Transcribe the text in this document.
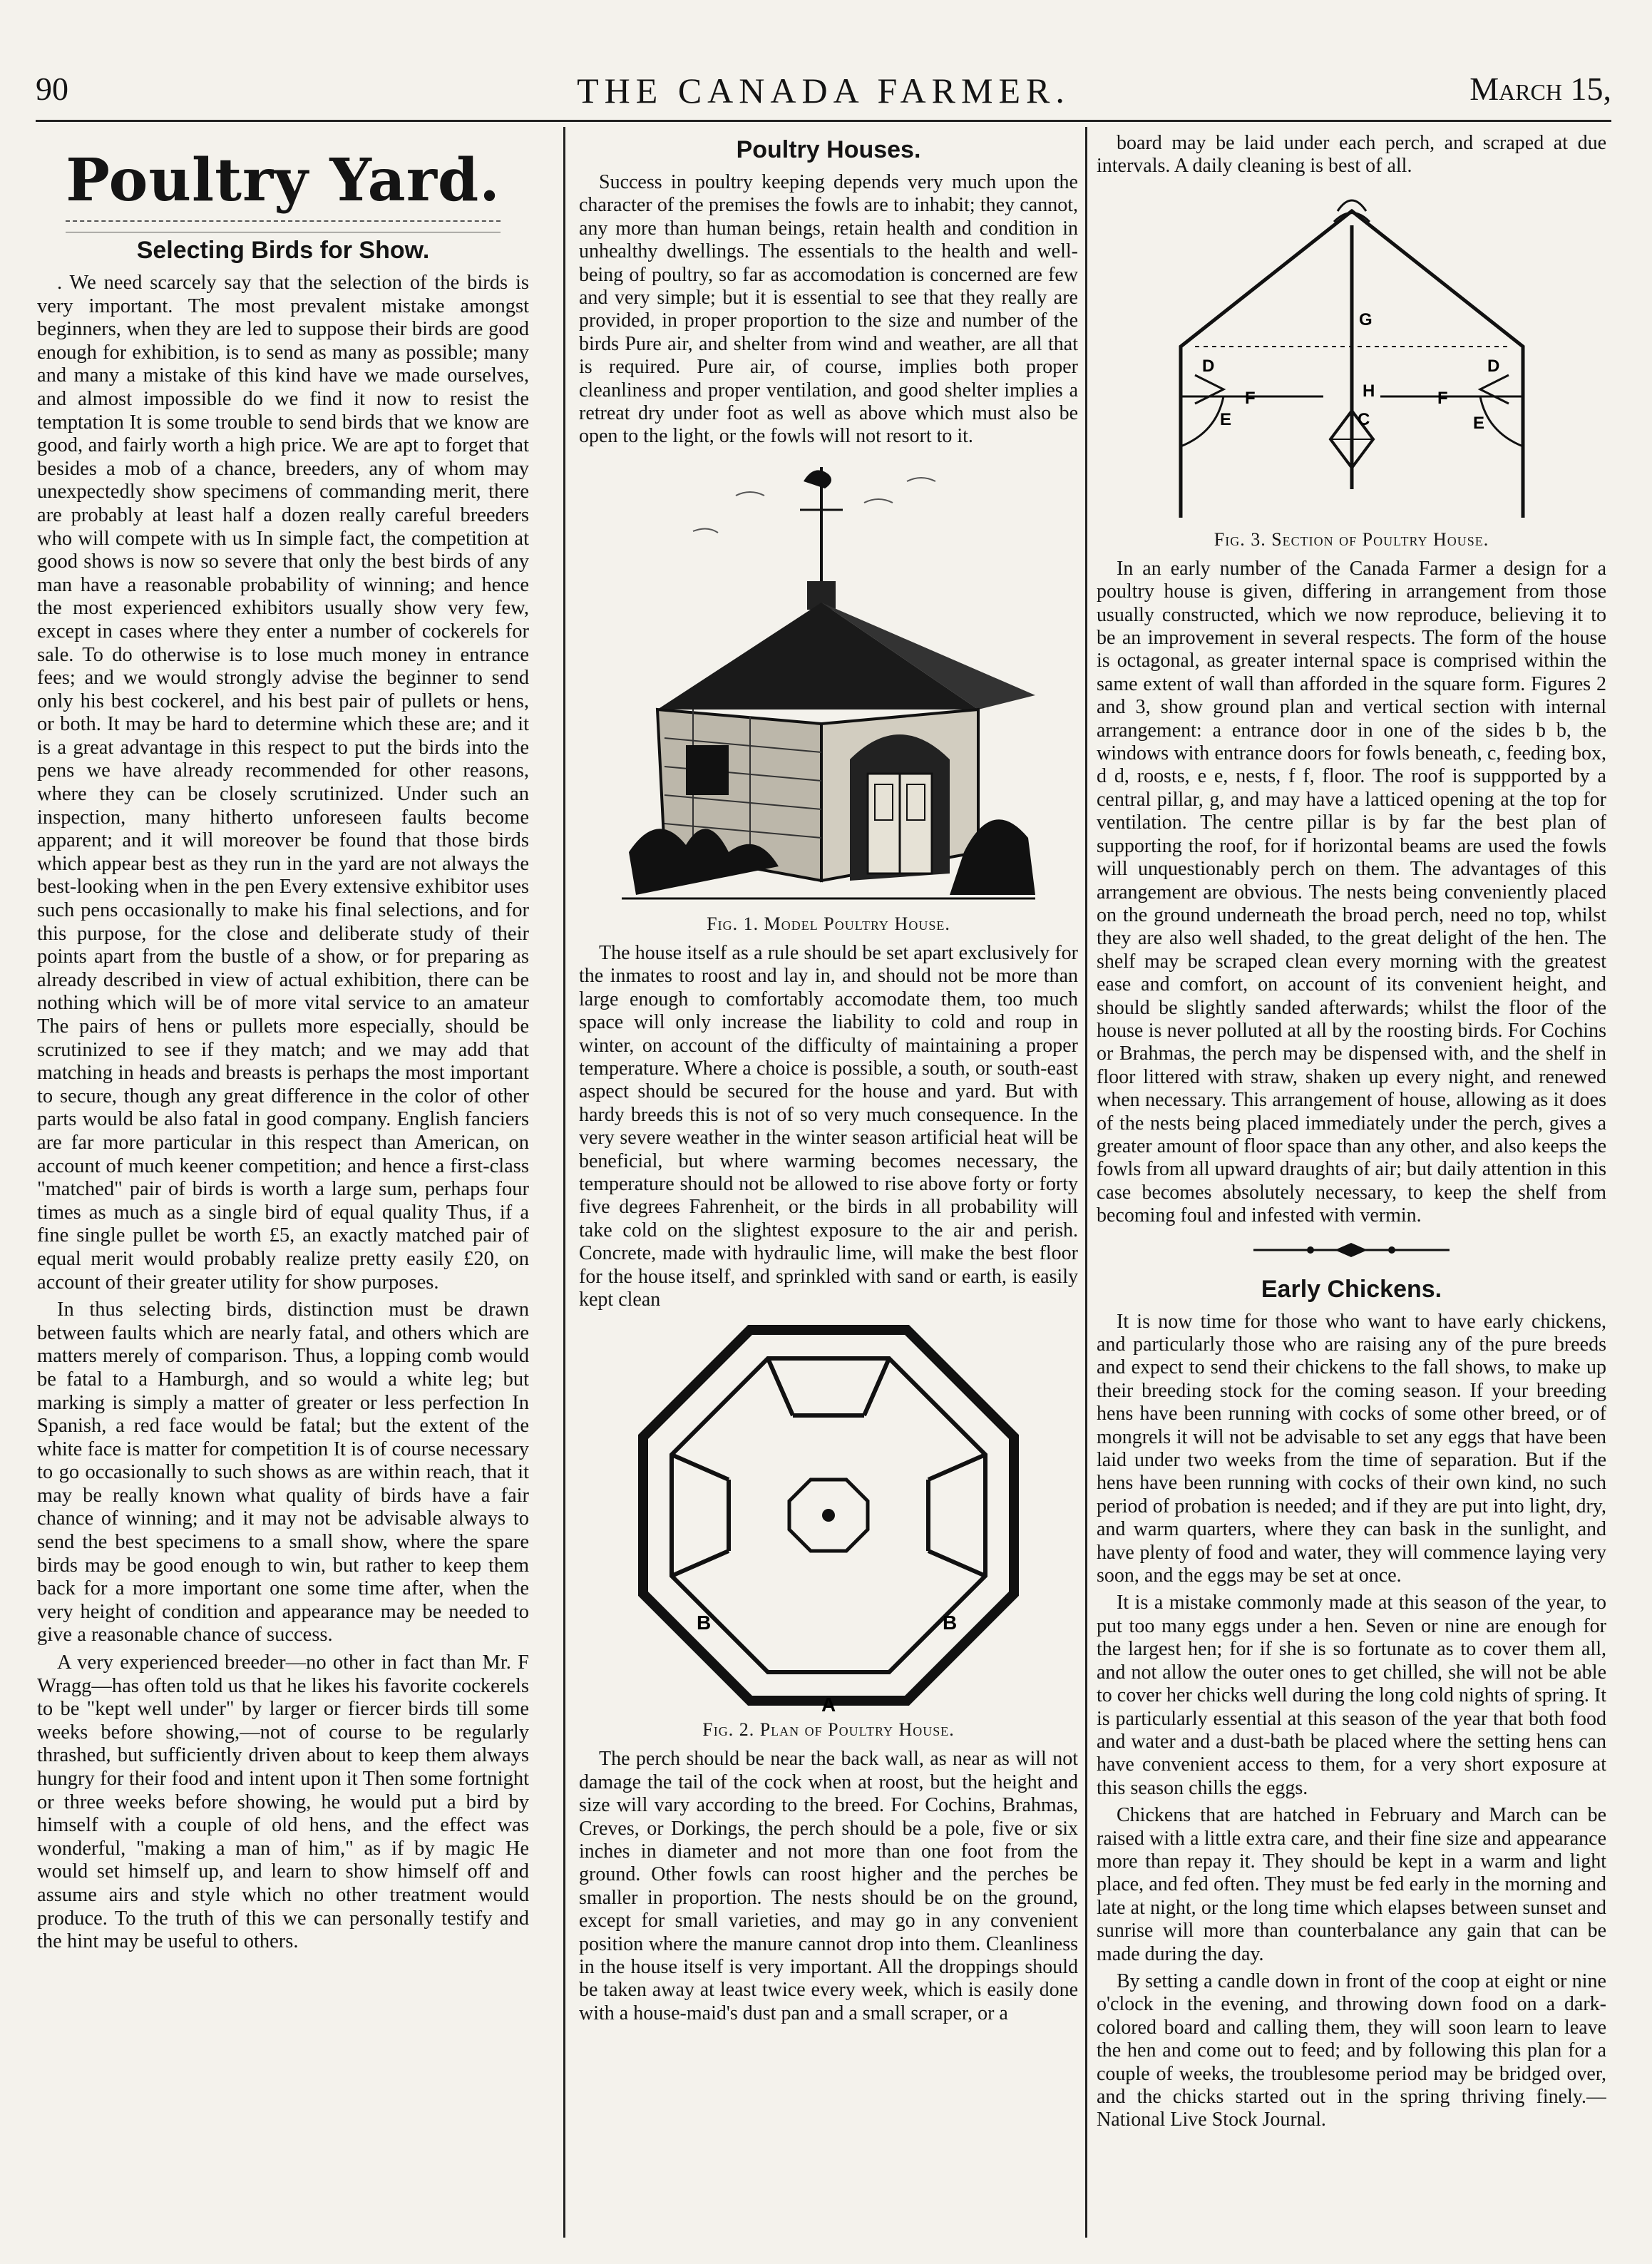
90	THE CANADA FARMER.	March 15,
Poultry Yard.
Selecting Birds for Show.

. We need scarcely say that the selection of the birds is very important. The most prevalent mistake amongst beginners, when they are led to suppose their birds are good enough for exhibition, is to send as many as possible; many and many a mistake of this kind have we made ourselves, and almost impossible do we find it now to resist the temptation It is some trouble to send birds that we know are good, and fairly worth a high price. We are apt to forget that besides a mob of a chance, breeders, any of whom may unexpectedly show specimens of commanding merit, there are probably at least half a dozen really careful breeders who will compete with us In simple fact, the competition at good shows is now so severe that only the best birds of any man have a reasonable probability of winning; and hence the most experienced exhibitors usually show very few, except in cases where they enter a number of cockerels for sale. To do otherwise is to lose much money in entrance fees; and we would strongly advise the beginner to send only his best cockerel, and his best pair of pullets or hens, or both. It may be hard to determine which these are; and it is a great advantage in this respect to put the birds into the pens we have already recommended for other reasons, where they can be closely scrutinized. Under such an inspection, many hitherto unforeseen faults become apparent; and it will moreover be found that those birds which appear best as they run in the yard are not always the best-looking when in the pen Every extensive exhibitor uses such pens occasionally to make his final selections, and for this purpose, for the close and deliberate study of their points apart from the bustle of a show, or for preparing as already described in view of actual exhibition, there can be nothing which will be of more vital service to an amateur The pairs of hens or pullets more especially, should be scrutinized to see if they match; and we may add that matching in heads and breasts is perhaps the most important to secure, though any great difference in the color of other parts would be also fatal in good company. English fanciers are far more particular in this respect than American, on account of much keener competition; and hence a first-class "matched" pair of birds is worth a large sum, perhaps four times as much as a single bird of equal quality Thus, if a fine single pullet be worth £5, an exactly matched pair of equal merit would probably realize pretty easily £20, on account of their greater utility for show purposes.

In thus selecting birds, distinction must be drawn between faults which are nearly fatal, and others which are matters merely of comparison. Thus, a lopping comb would be fatal to a Hamburgh, and so would a white leg; but marking is simply a matter of greater or less perfection In Spanish, a red face would be fatal; but the extent of the white face is matter for competition It is of course necessary to go occasionally to such shows as are within reach, that it may be really known what quality of birds have a fair chance of winning; and it may not be advisable always to send the best specimens to a small show, where the spare birds may be good enough to win, but rather to keep them back for a more important one some time after, when the very height of condition and appearance may be needed to give a reasonable chance of success.

A very experienced breeder—no other in fact than Mr. F Wragg—has often told us that he likes his favorite cockerels to be "kept well under" by larger or fiercer birds till some weeks before showing,—not of course to be regularly thrashed, but sufficiently driven about to keep them always hungry for their food and intent upon it Then some fortnight or three weeks before showing, he would put a bird by himself with a couple of old hens, and the effect was wonderful, "making a man of him," as if by magic He would set himself up, and learn to show himself off and assume airs and style which no other treatment would produce. To the truth of this we can personally testify and the hint may be useful to others.

Poultry Houses.

Success in poultry keeping depends very much upon the character of the premises the fowls are to inhabit; they cannot, any more than human beings, retain health and condition in unhealthy dwellings. The essentials to the health and well-being of poultry, so far as accomodation is concerned are few and very simple; but it is essential to see that they really are provided, in proper proportion to the size and number of the birds Pure air, and shelter from wind and weather, are all that is required. Pure air, of course, implies both proper cleanliness and proper ventilation, and good shelter implies a retreat dry under foot as well as above which must also be open to the light, or the fowls will not resort to it.

Fig. 1. Model Poultry House.

The house itself as a rule should be set apart exclusively for the inmates to roost and lay in, and should not be more than large enough to comfortably accomodate them, too much space will only increase the liability to cold and roup in winter, on account of the difficulty of maintaining a proper temperature. Where a choice is possible, a south, or south-east aspect should be secured for the house and yard. But with hardy breeds this is not of so very much consequence. In the very severe weather in the winter season artificial heat will be beneficial, but where warming becomes necessary, the temperature should not be allowed to rise above forty or forty five degrees Fahrenheit, or the birds in all probability will take cold on the slightest exposure to the air and perish. Concrete, made with hydraulic lime, will make the best floor for the house itself, and sprinkled with sand or earth, is easily kept clean

B	B
A
Fig. 2. Plan of Poultry House.

The perch should be near the back wall, as near as will not damage the tail of the cock when at roost, but the height and size will vary according to the breed. For Cochins, Brahmas, Creves, or Dorkings, the perch should be a pole, five or six inches in diameter and not more than one foot from the ground. Other fowls can roost higher and the perches be smaller in proportion. The nests should be on the ground, except for small varieties, and may go in any convenient position where the manure cannot drop into them. Cleanliness in the house itself is very important. All the droppings should be taken away at least twice every week, which is easily done with a house-maid's dust pan and a small scraper, or a

board may be laid under each perch, and scraped at due intervals. A daily cleaning is best of all.

G
D	D
F	F
H
C
E	E
Fig. 3. Section of Poultry House.

In an early number of the Canada Farmer a design for a poultry house is given, differing in arrangement from those usually constructed, which we now reproduce, believing it to be an improvement in several respects. The form of the house is octagonal, as greater internal space is comprised within the same extent of wall than afforded in the square form. Figures 2 and 3, show ground plan and vertical section with internal arrangement: a entrance door in one of the sides b b, the windows with entrance doors for fowls beneath, c, feeding box, d d, roosts, e e, nests, f f, floor. The roof is suppported by a central pillar, g, and may have a latticed opening at the top for ventilation. The centre pillar is by far the best plan of supporting the roof, for if horizontal beams are used the fowls will unquestionably perch on them. The advantages of this arrangement are obvious. The nests being conveniently placed on the ground underneath the broad perch, need no top, whilst they are also well shaded, to the great delight of the hen. The shelf may be scraped clean every morning with the greatest ease and comfort, on account of its convenient height, and should be slightly sanded afterwards; whilst the floor of the house is never polluted at all by the roosting birds. For Cochins or Brahmas, the perch may be dispensed with, and the shelf in floor littered with straw, shaken up every night, and renewed when necessary. This arrangement of house, allowing as it does of the nests being placed immediately under the perch, gives a greater amount of floor space than any other, and also keeps the fowls from all upward draughts of air; but daily attention in this case becomes absolutely necessary, to keep the shelf from becoming foul and infested with vermin.

Early Chickens.

It is now time for those who want to have early chickens, and particularly those who are raising any of the pure breeds and expect to send their chickens to the fall shows, to make up their breeding stock for the coming season. If your breeding hens have been running with cocks of some other breed, or of mongrels it will not be advisable to set any eggs that have been laid under two weeks from the time of separation. But if the hens have been running with cocks of their own kind, no such period of probation is needed; and if they are put into light, dry, and warm quarters, where they can bask in the sunlight, and have plenty of food and water, they will commence laying very soon, and the eggs may be set at once.

It is a mistake commonly made at this season of the year, to put too many eggs under a hen. Seven or nine are enough for the largest hen; for if she is so fortunate as to cover them all, and not allow the outer ones to get chilled, she will not be able to cover her chicks well during the long cold nights of spring. It is particularly essential at this season of the year that both food and water and a dust-bath be placed where the setting hens can have convenient access to them, for a very short exposure at this season chills the eggs.

Chickens that are hatched in February and March can be raised with a little extra care, and their fine size and appearance more than repay it. They should be kept in a warm and light place, and fed often. They must be fed early in the morning and late at night, or the long time which elapses between sunset and sunrise will more than counterbalance any gain that can be made during the day.

By setting a candle down in front of the coop at eight or nine o'clock in the evening, and throwing down food on a dark-colored board and calling them, they will soon learn to leave the hen and come out to feed; and by following this plan for a couple of weeks, the troublesome period may be bridged over, and the chicks started out in the spring thriving finely.—National Live Stock Journal.
